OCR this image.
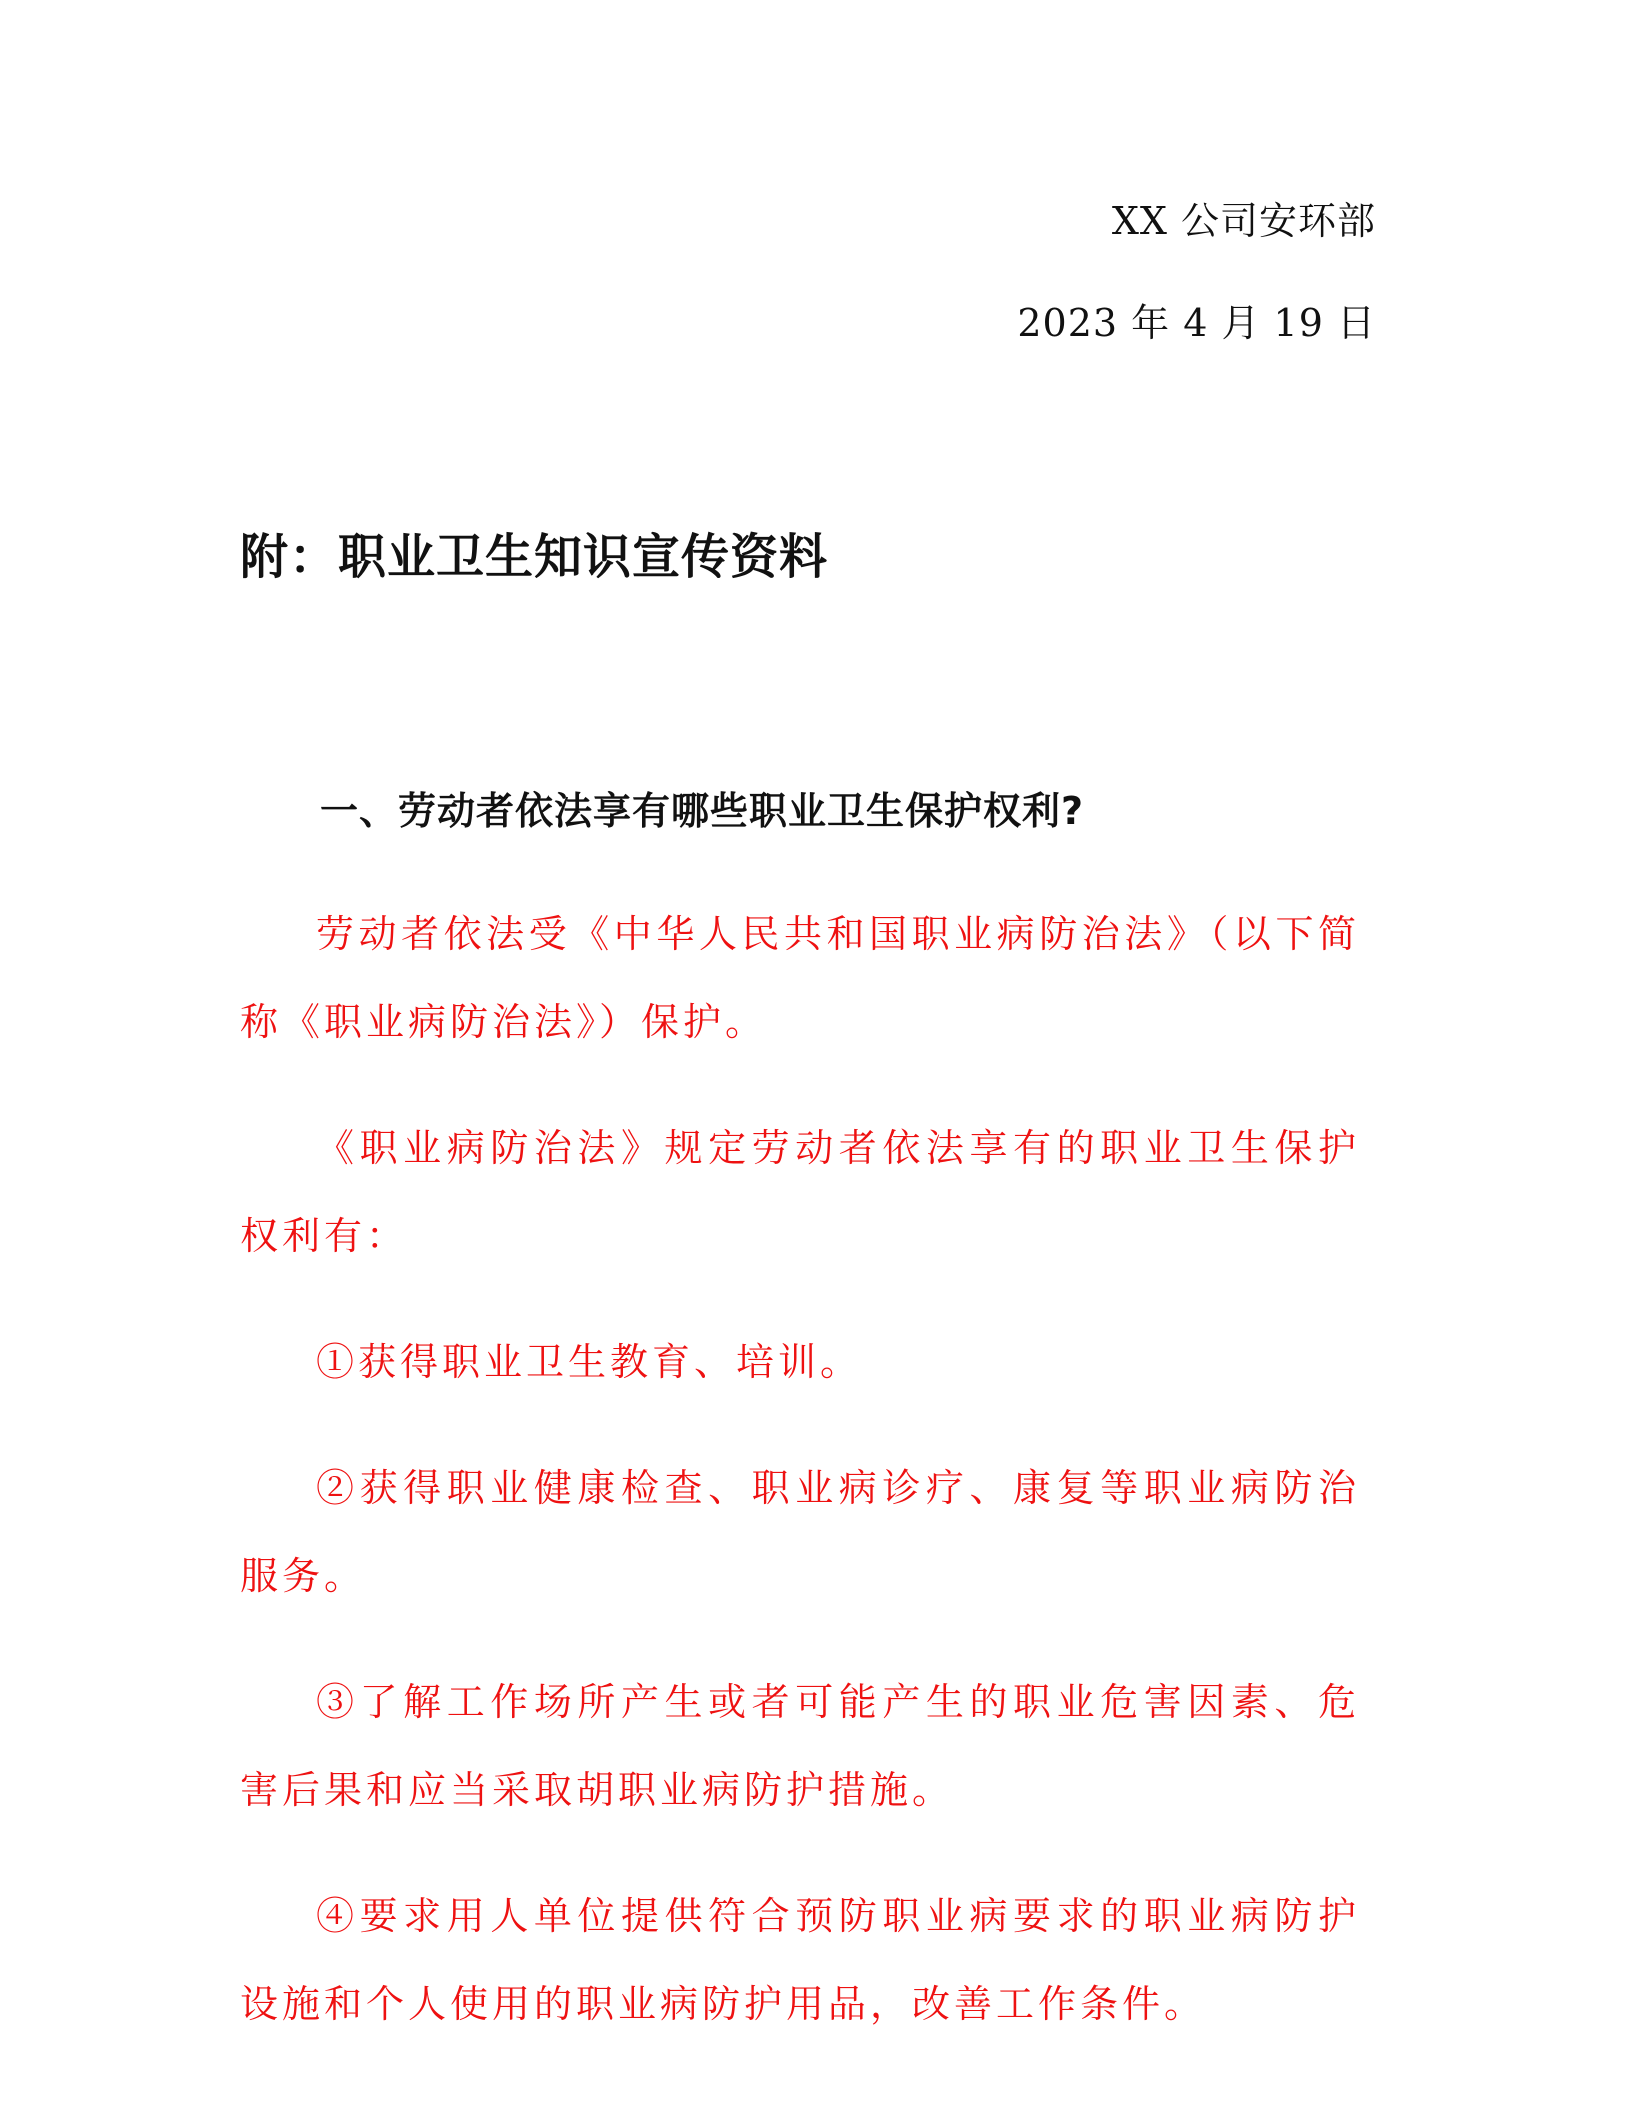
XX 公司安环部
2023 年 4 月 19 日
附：职业卫生知识宣传资料
一、劳动者依法享有哪些职业卫生保护权利?

劳动者依法受《中华人民共和国职业病防治法》（以下简称《职业病防治法》）保护。

《职业病防治法》规定劳动者依法享有的职业卫生保护权利有：

①获得职业卫生教育、培训。

②获得职业健康检查、职业病诊疗、康复等职业病防治服务。

③了解工作场所产生或者可能产生的职业危害因素、危害后果和应当采取胡职业病防护措施。

④要求用人单位提供符合预防职业病要求的职业病防护设施和个人使用的职业病防护用品，改善工作条件。
